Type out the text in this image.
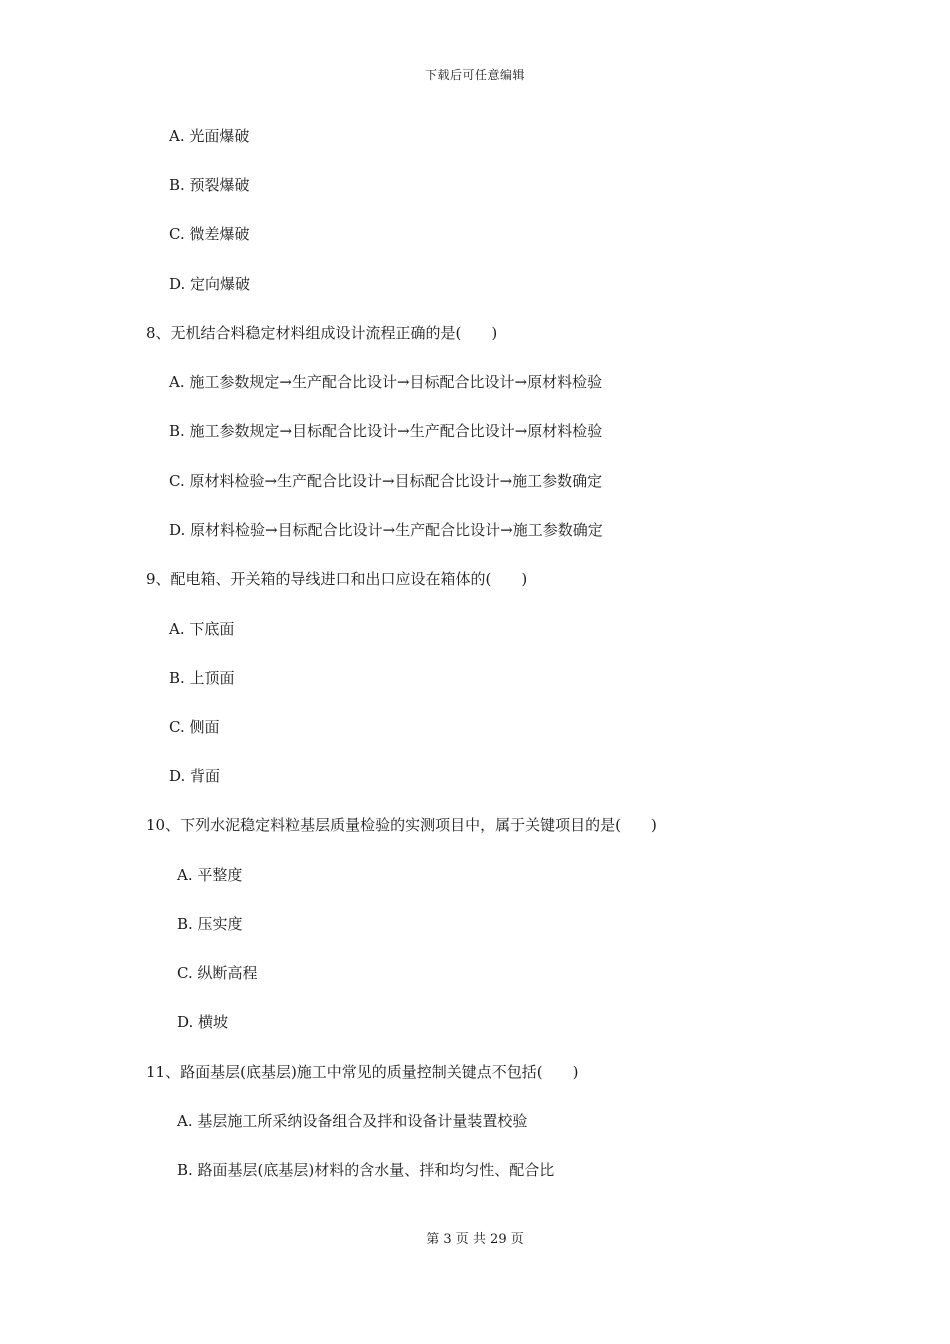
下载后可任意编辑
A. 光面爆破
B. 预裂爆破
C. 微差爆破
D. 定向爆破
8、无机结合料稳定材料组成设计流程正确的是(　　)
A. 施工参数规定→生产配合比设计→目标配合比设计→原材料检验
B. 施工参数规定→目标配合比设计→生产配合比设计→原材料检验
C. 原材料检验→生产配合比设计→目标配合比设计→施工参数确定
D. 原材料检验→目标配合比设计→生产配合比设计→施工参数确定
9、配电箱、开关箱的导线进口和出口应设在箱体的(　　)
A. 下底面
B. 上顶面
C. 侧面
D. 背面
10、下列水泥稳定料粒基层质量检验的实测项目中，属于关键项目的是(　　)
A. 平整度
B. 压实度
C. 纵断高程
D. 横坡
11、路面基层(底基层)施工中常见的质量控制关键点不包括(　　)
A. 基层施工所采纳设备组合及拌和设备计量装置校验
B. 路面基层(底基层)材料的含水量、拌和均匀性、配合比
第 3 页 共 29 页
